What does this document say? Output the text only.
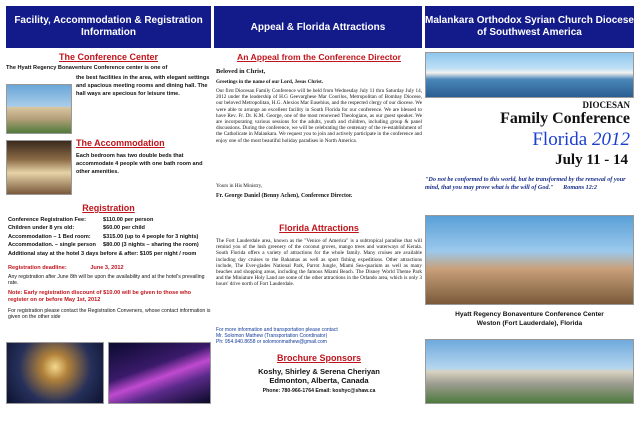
Facility, Accommodation & Registration Information	Appeal & Florida Attractions
Malankara Orthodox Syrian Church Diocese of Southwest America
The Conference Center
The Hyatt Regency Bonaventure Conference center is one of
the best facilities in the area, with elegant settings and spacious meeting rooms and dining hall. The hall ways are specious for leisure time.
The Accommodation
Each bedroom has two double beds that accommodate 4 people with one bath room and other amenities.
Registration
Conference Registration Fee:	$110.00 per person
Children under 8 yrs old:	$60.00 per child
Accommodation – 1 Bed room:	$315.00 (up to 4 people for 3 nights)
Accommodation. – single person	$80.00 (3 nights – sharing the room)
Additional stay at the hotel 3 days before & after: $105 per night / room
Registration deadline:	June 3, 2012
Any registration after June 8th will be upon the availability and at the hotel's prevailing rate.
Note: Early registration discount of $10.00 will be given to those who register on or before May 1st, 2012
For registration please contact the Registration Conveners, whose contact information is given on the other side
An Appeal from the Conference Director
Beloved in Christ,
Greetings in the name of our Lord, Jesus Christ.
Our first Diocesan Family Conference will be held from Wednesday July 11 thru Saturday July 14, 2012 under the leadership of H.G Geevarghese Mar Coorilos, Metropolitan of Bombay Diocese, our beloved Metropolitan, H.G. Alexios Mar Eusebius, and the respected clergy of our diocese. We were able to arrange an excellent facility in South Florida for our conference. We are blessed to have Rev. Fr. Dr. K.M. George, one of the most renowned Theologians, as our guest speaker. We are incorporating various sessions for the adults, youth and children, including group & panel discussions. During the conference, we will be celebrating the centenary of the re-establishment of the Catholicate in Malankara. We request you to join and actively participate in the conference and enjoy one of the most beautiful holiday paradises in North America.
Yours in His Ministry,
Fr. George Daniel (Benny Achen), Conference Director.
Florida Attractions
The Fort Lauderdale area, known as the "Venice of America" is a subtropical paradise that will remind you of the lush greenery of the coconut groves, mango trees and waterways of Kerala. South Florida offers a variety of attractions for the whole family. Many cruises are available including day cruises to the Bahamas as well as sport fishing expeditions. Other attractions include, The Ever-glades National Park, Parrot Jungle, Miami Sea-quarium as well as many beaches and shopping areas, including the famous Miami Beach. The Disney World Theme Park and the Miniature Holy Land are some of the other attractions in the Orlando area, which is only 3 hours' drive north of Fort Lauderdale.
For more information and transportation please contact
Mr. Solomon Mathew (Transportation Coordinator)
Ph: 954.940.8658 or solomonmathew@gmail.com
Brochure Sponsors
Koshy, Shirley & Serena Cheriyan
Edmonton, Alberta, Canada
Phone: 780-966-1764 Email: koshyc@shaw.ca
DIOCESAN
Family Conference
Florida 2012
July 11 - 14
"Do not be conformed to this world, but be transformed by the renewal of your mind, that you may prove what is the will of God." Romans 12:2
Hyatt Regency Bonaventure Conference Center
Weston (Fort Lauderdale), Florida
